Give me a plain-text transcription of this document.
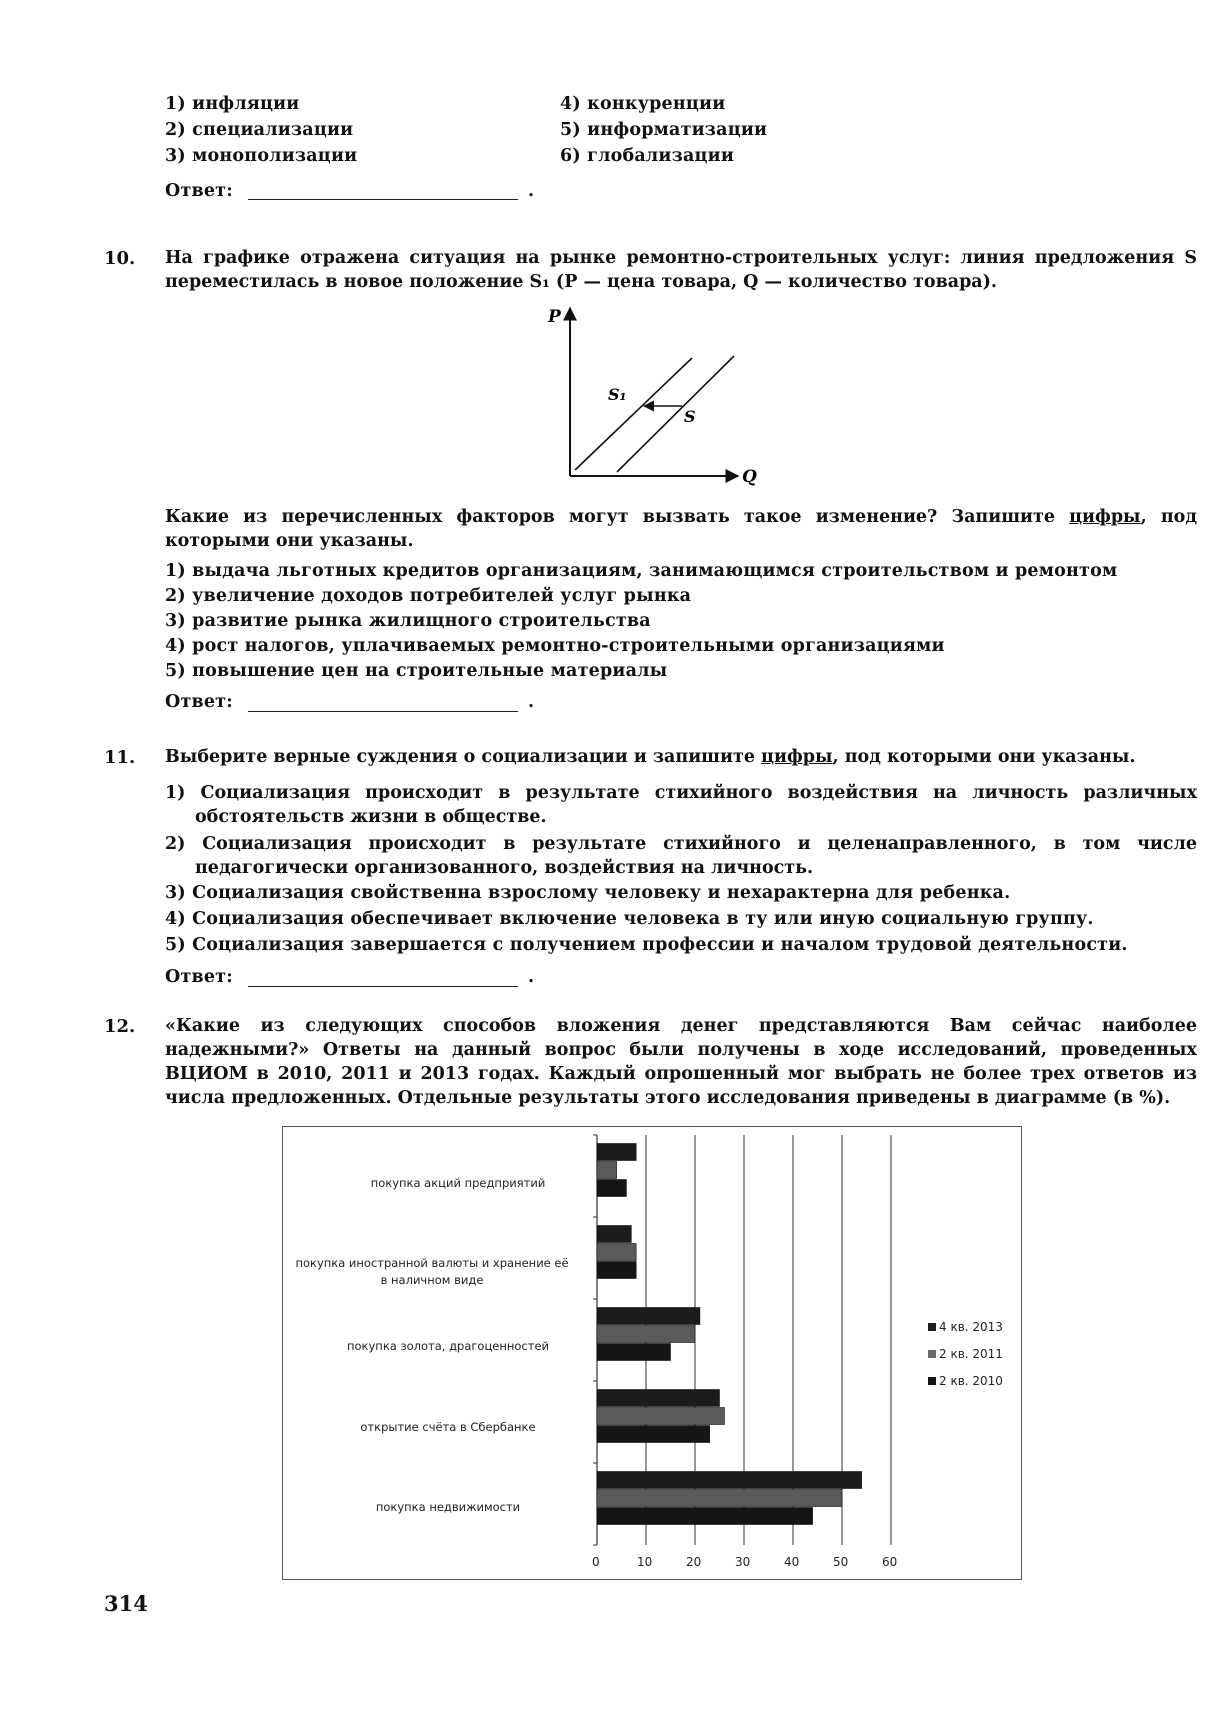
1) инфляции
2) специализации
3) монополизации
4) конкуренции
5) информатизации
6) глобализации
Ответ:	.
10. На графике отражена ситуация на рынке ремонтно-строительных услуг: линия предложения S
переместилась в новое положение S₁ (P — цена товара, Q — количество товара).
P
Q
S₁
S
Какие из перечисленных факторов могут вызвать такое изменение? Запишите цифры, под которыми они указаны.
1) выдача льготных кредитов организациям, занимающимся строительством и ремонтом
2) увеличение доходов потребителей услуг рынка
3) развитие рынка жилищного строительства
4) рост налогов, уплачиваемых ремонтно-строительными организациями
5) повышение цен на строительные материалы
Ответ:	.
11. Выберите верные суждения о социализации и запишите цифры, под которыми они указаны.
1) Социализация происходит в результате стихийного воздействия на личность различных обстоятельств жизни в обществе.
2) Социализация происходит в результате стихийного и целенаправленного, в том числе педагогически организованного, воздействия на личность.
3) Социализация свойственна взрослому человеку и нехарактерна для ребенка.
4) Социализация обеспечивает включение человека в ту или иную социальную группу.
5) Социализация завершается с получением профессии и началом трудовой деятельности.
Ответ:	.
12. «Какие из следующих способов вложения денег представляются Вам сейчас наиболее надежными?» Ответы на данный вопрос были получены в ходе исследований, проведенных ВЦИОМ в 2010, 2011 и 2013 годах. Каждый опрошенный мог выбрать не более трех ответов из числа предложенных. Отдельные результаты этого исследования приведены в диаграмме (в %).
покупка акций предприятий
покупка иностранной валюты и хранение её в наличном виде
покупка золота, драгоценностей
открытие счёта в Сбербанке
покупка недвижимости
0	10	20	30	40	50	60
4 кв. 2013
2 кв. 2011
2 кв. 2010
314
